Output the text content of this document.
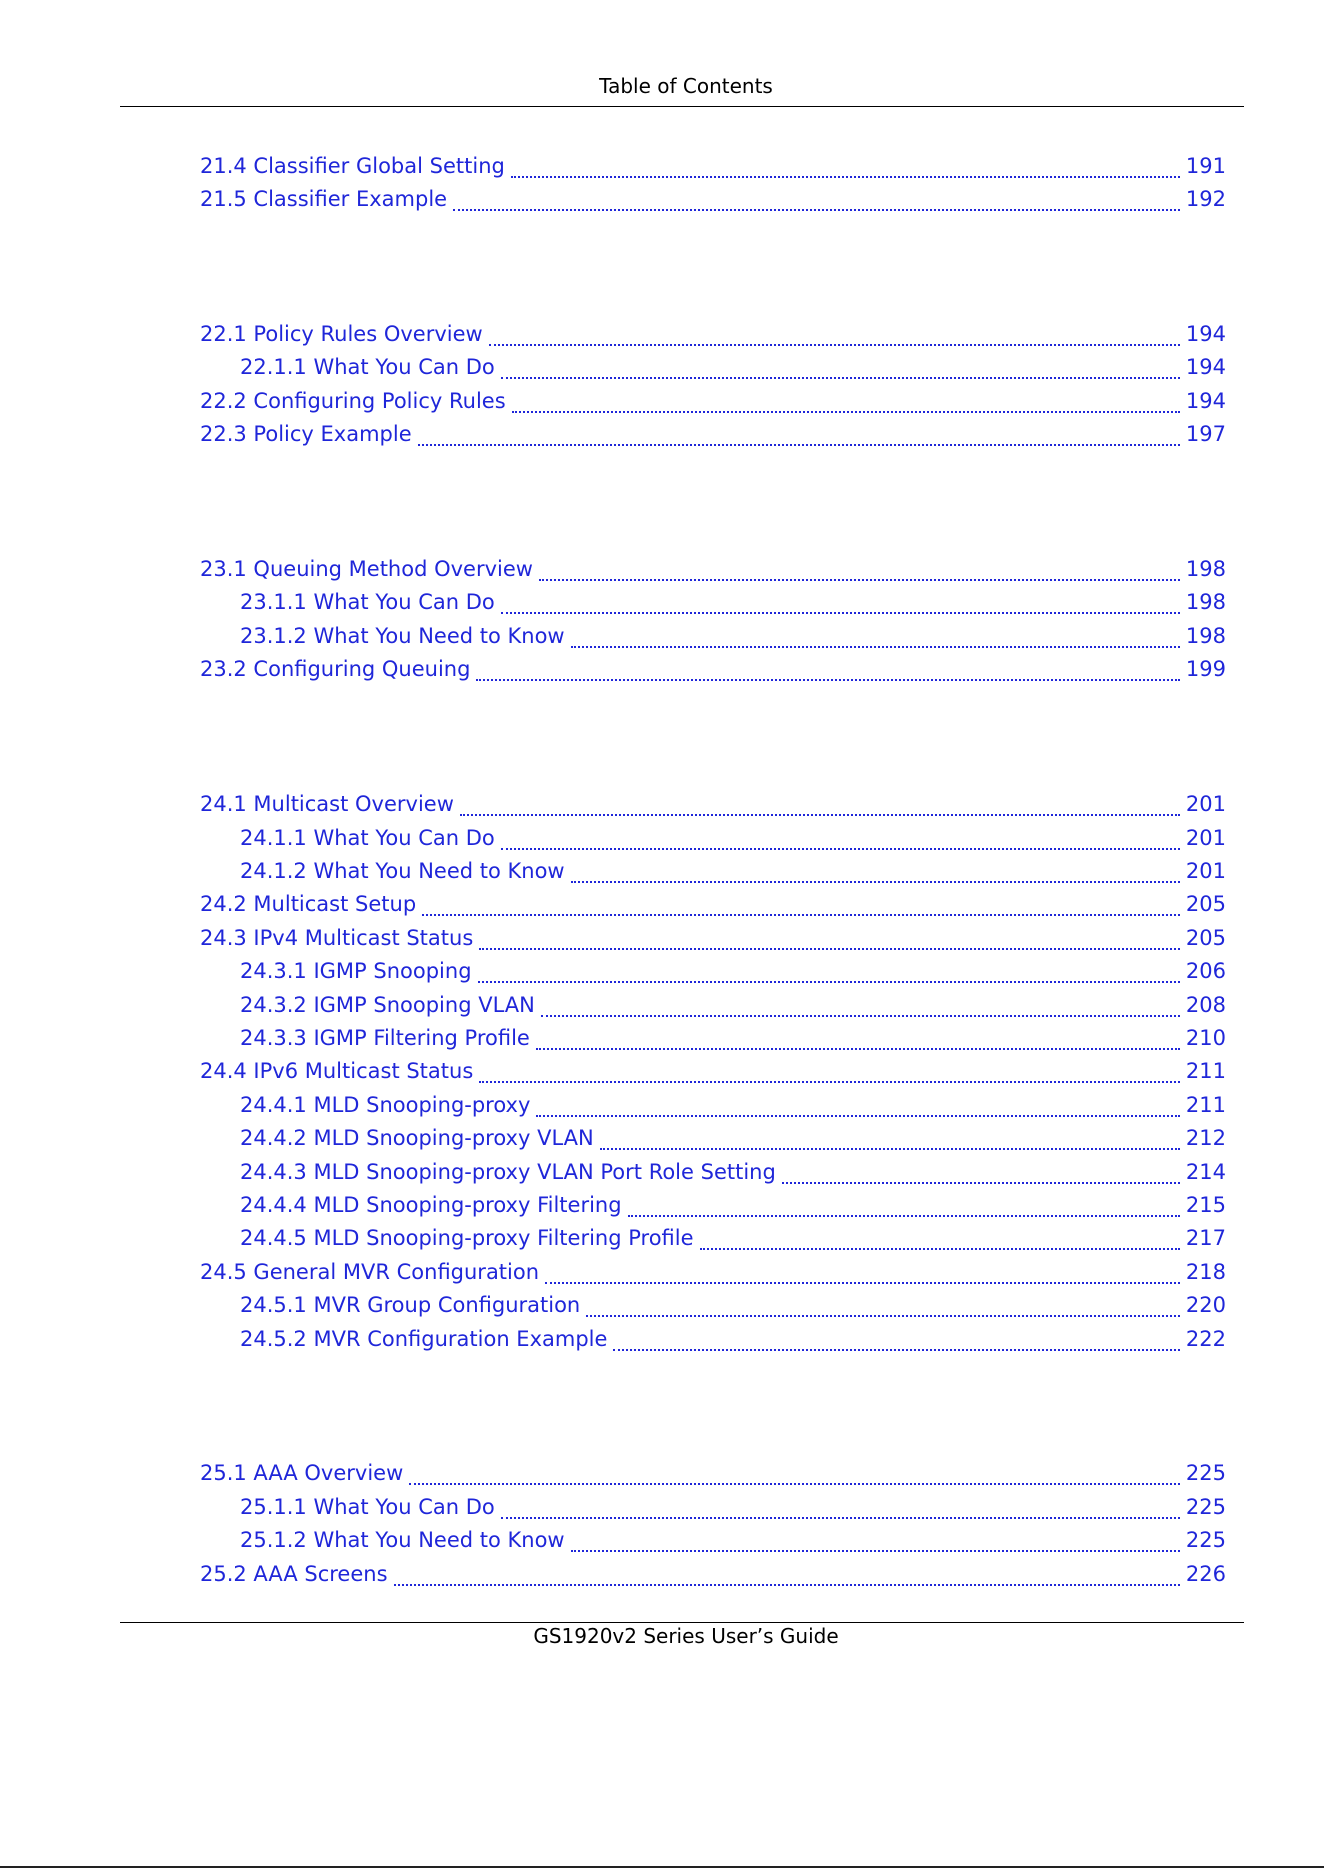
Table of Contents
21.4 Classifier Global Setting	191
21.5 Classifier Example	192
22.1 Policy Rules Overview	194
22.1.1 What You Can Do	194
22.2 Configuring Policy Rules	194
22.3 Policy Example	197
23.1 Queuing Method Overview	198
23.1.1 What You Can Do	198
23.1.2 What You Need to Know	198
23.2 Configuring Queuing	199
24.1 Multicast Overview	201
24.1.1 What You Can Do	201
24.1.2 What You Need to Know	201
24.2 Multicast Setup	205
24.3 IPv4 Multicast Status	205
24.3.1 IGMP Snooping	206
24.3.2 IGMP Snooping VLAN	208
24.3.3 IGMP Filtering Profile	210
24.4 IPv6 Multicast Status	211
24.4.1 MLD Snooping-proxy	211
24.4.2 MLD Snooping-proxy VLAN	212
24.4.3 MLD Snooping-proxy VLAN Port Role Setting	214
24.4.4 MLD Snooping-proxy Filtering	215
24.4.5 MLD Snooping-proxy Filtering Profile	217
24.5 General MVR Configuration	218
24.5.1 MVR Group Configuration	220
24.5.2 MVR Configuration Example	222
25.1 AAA Overview	225
25.1.1 What You Can Do	225
25.1.2 What You Need to Know	225
25.2 AAA Screens	226
GS1920v2 Series User’s Guide
